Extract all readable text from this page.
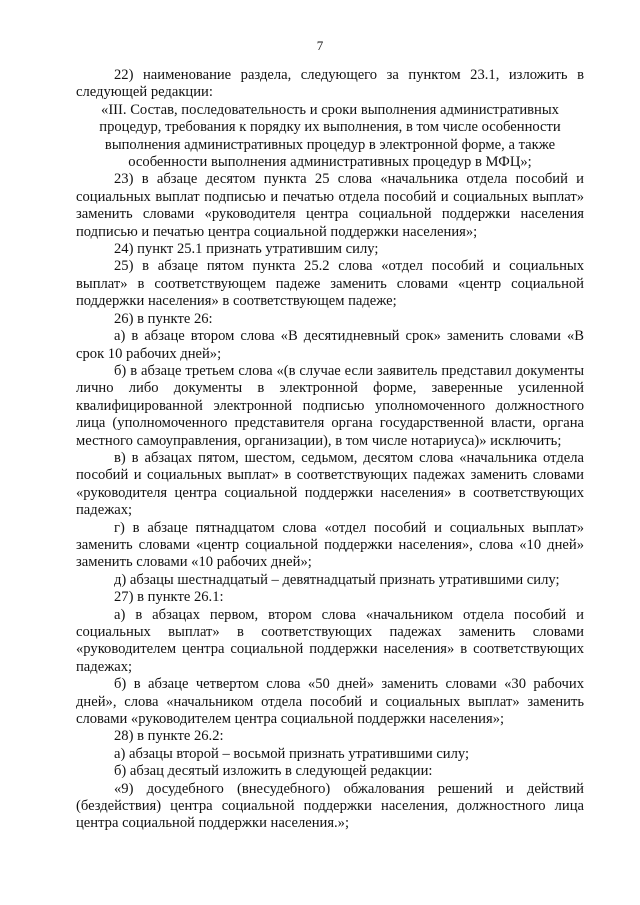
7

22) наименование раздела, следующего за пунктом 23.1, изложить в следующей редакции:

«III. Состав, последовательность и сроки выполнения административных процедур, требования к порядку их выполнения, в том числе особенности выполнения административных процедур в электронной форме, а также особенности выполнения административных процедур в МФЦ»;

23) в абзаце десятом пункта 25 слова «начальника отдела пособий и социальных выплат подписью и печатью отдела пособий и социальных выплат» заменить словами «руководителя центра социальной поддержки населения подписью и печатью центра социальной поддержки населения»;

24) пункт 25.1 признать утратившим силу;

25) в абзаце пятом пункта 25.2 слова «отдел пособий и социальных выплат» в соответствующем падеже заменить словами «центр социальной поддержки населения» в соответствующем падеже;

26) в пункте 26:

а) в абзаце втором слова «В десятидневный срок» заменить словами «В срок 10 рабочих дней»;

б) в абзаце третьем слова «(в случае если заявитель представил документы лично либо документы в электронной форме, заверенные усиленной квалифицированной электронной подписью уполномоченного должностного лица (уполномоченного представителя органа государственной власти, органа местного самоуправления, организации), в том числе нотариуса)» исключить;

в) в абзацах пятом, шестом, седьмом, десятом слова «начальника отдела пособий и социальных выплат» в соответствующих падежах заменить словами «руководителя центра социальной поддержки населения» в соответствующих падежах;

г) в абзаце пятнадцатом слова «отдел пособий и социальных выплат» заменить словами «центр социальной поддержки населения», слова «10 дней» заменить словами «10 рабочих дней»;

д) абзацы шестнадцатый – девятнадцатый признать утратившими силу;

27) в пункте 26.1:

а) в абзацах первом, втором слова «начальником отдела пособий и социальных выплат» в соответствующих падежах заменить словами «руководителем центра социальной поддержки населения» в соответствующих падежах;

б) в абзаце четвертом слова «50 дней» заменить словами «30 рабочих дней», слова «начальником отдела пособий и социальных выплат» заменить словами «руководителем центра социальной поддержки населения»;

28) в пункте 26.2:

а) абзацы второй – восьмой признать утратившими силу;

б) абзац десятый изложить в следующей редакции:

«9) досудебного (внесудебного) обжалования решений и действий (бездействия) центра социальной поддержки населения, должностного лица центра социальной поддержки населения.»;
